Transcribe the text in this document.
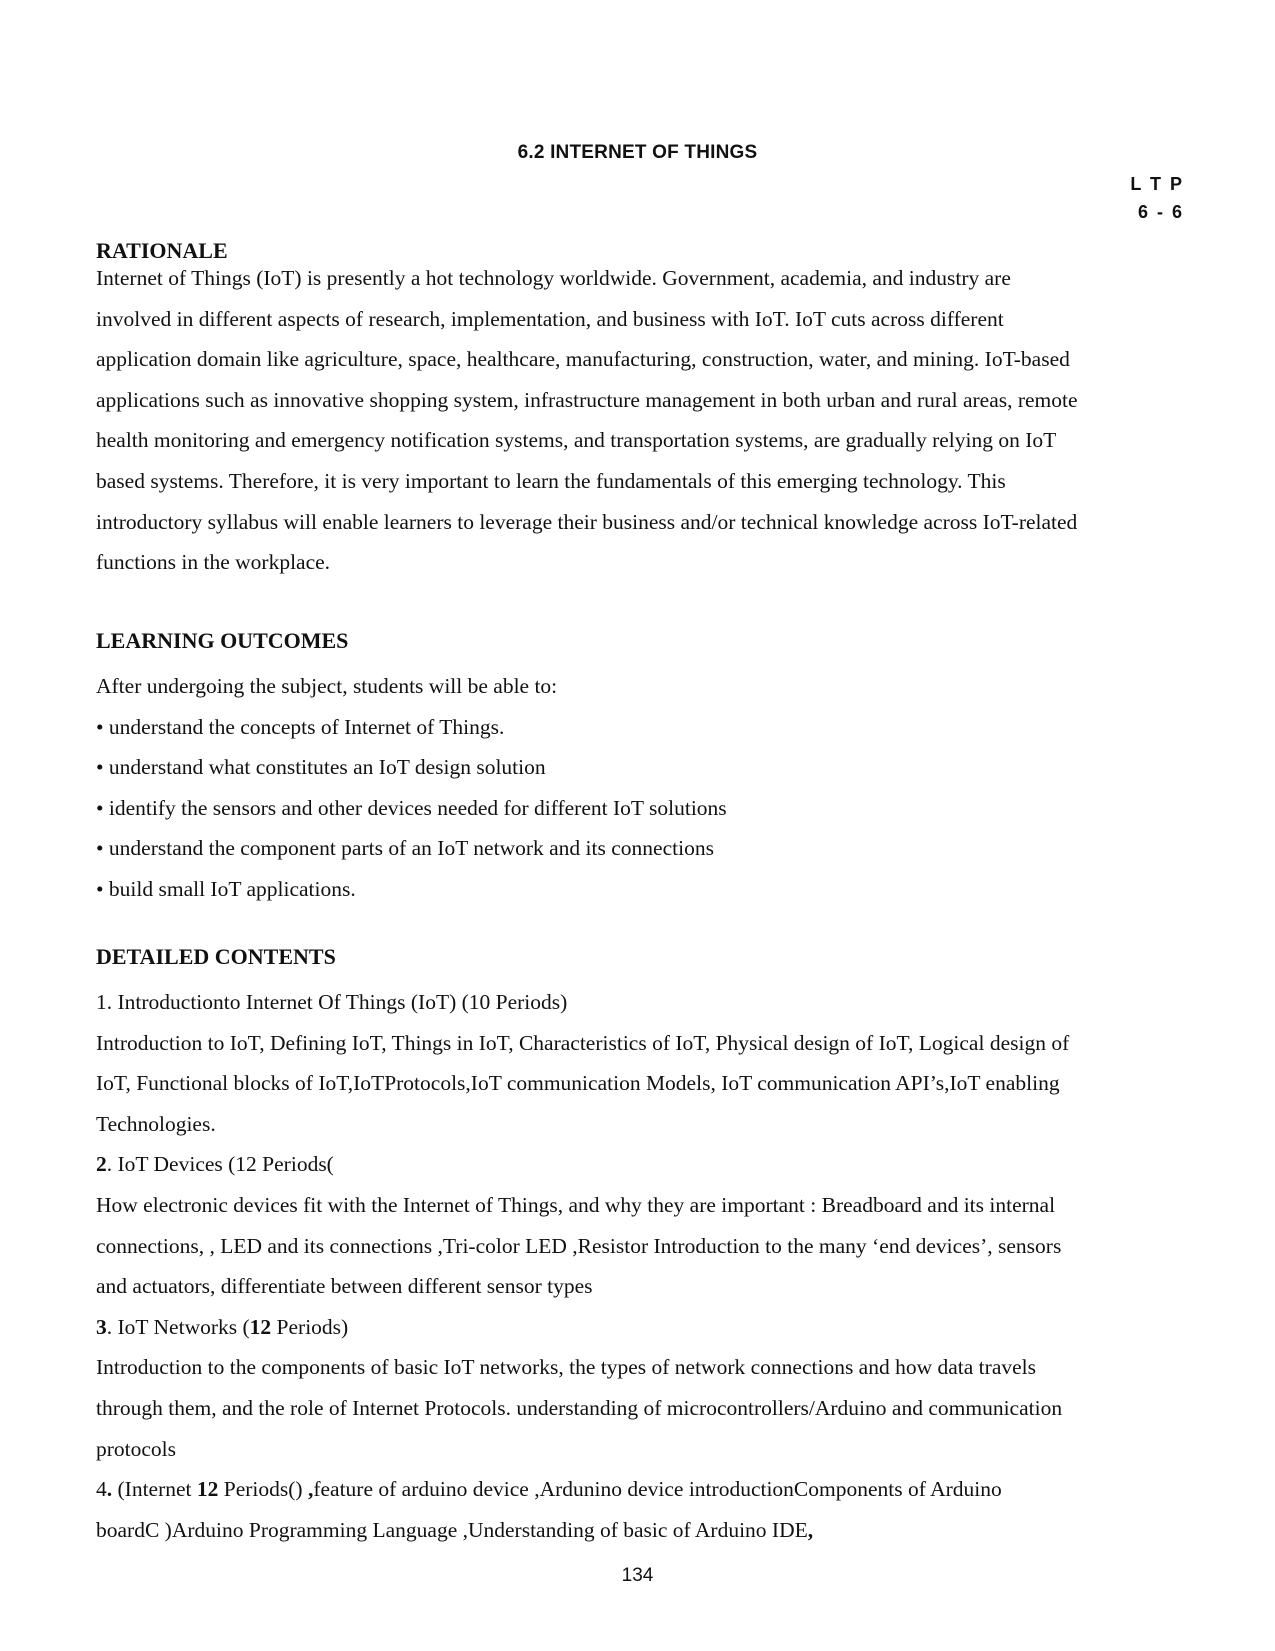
6.2 INTERNET OF THINGS
L T P
6 - 6
RATIONALE
Internet of Things (IoT) is presently a hot technology worldwide. Government, academia, and industry are
involved in different aspects of research, implementation, and business with IoT. IoT cuts across different
application domain like agriculture, space, healthcare, manufacturing, construction, water, and mining. IoT-based
applications such as innovative shopping system, infrastructure management in both urban and rural areas, remote
health monitoring and emergency notification systems, and transportation systems, are gradually relying on IoT
based systems. Therefore, it is very important to learn the fundamentals of this emerging technology. This
introductory syllabus will enable learners to leverage their business and/or technical knowledge across IoT-related
functions in the workplace.
LEARNING OUTCOMES
After undergoing the subject, students will be able to:
• understand the concepts of Internet of Things.
• understand what constitutes an IoT design solution
• identify the sensors and other devices needed for different IoT solutions
• understand the component parts of an IoT network and its connections
• build small IoT applications.
DETAILED CONTENTS
1. Introductionto Internet Of Things (IoT) (10 Periods)
Introduction to IoT, Defining IoT, Things in IoT, Characteristics of IoT, Physical design of IoT, Logical design of
IoT, Functional blocks of IoT,IoTProtocols,IoT communication Models, IoT communication API’s,IoT enabling
Technologies.
2. IoT Devices (12 Periods(
How electronic devices fit with the Internet of Things, and why they are important : Breadboard and its internal
connections, , LED and its connections ,Tri-color LED ,Resistor Introduction to the many ‘end devices’, sensors
and actuators, differentiate between different sensor types
3. IoT Networks (12 Periods)
Introduction to the components of basic IoT networks, the types of network connections and how data travels
through them, and the role of Internet Protocols. understanding of microcontrollers/Arduino and communication
protocols
4. (Internet 12 Periods() ,feature of arduino device ,Ardunino device introductionComponents of Arduino
boardC )Arduino Programming Language ,Understanding of basic of Arduino IDE,
134
